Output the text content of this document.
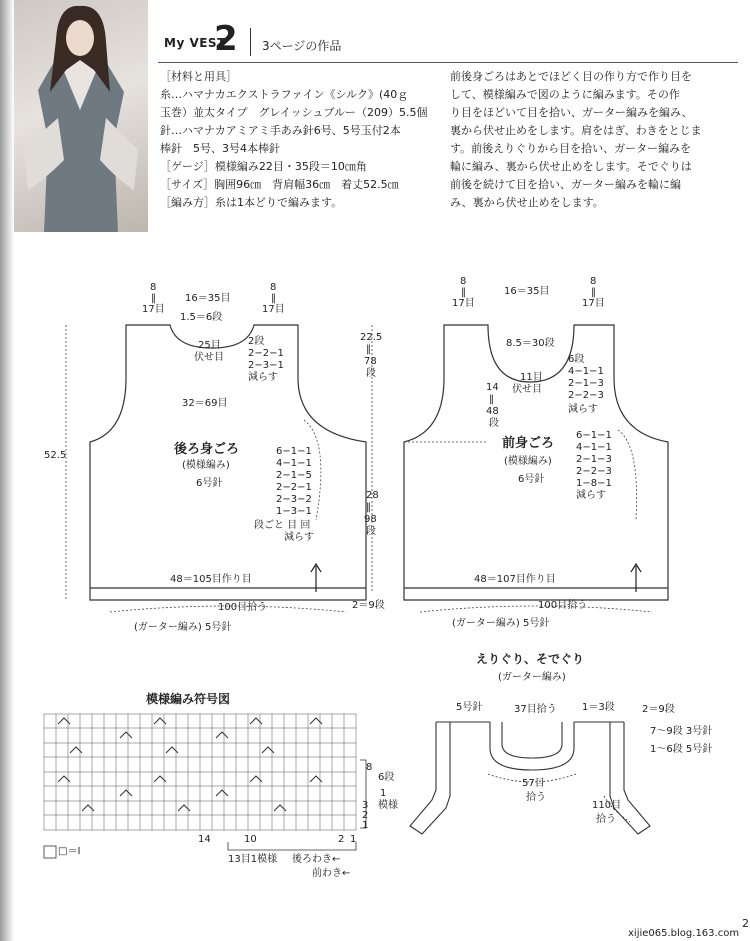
My VEST
2 3ページの作品
［材料と用具］
糸…ハマナカエクストラファイン《シルク》(40ｇ
玉巻）並太タイプ　グレイッシュブルー（209）5.5個
針…ハマナカアミアミ手あみ針6号、5号玉付2本
棒針　5号、3号4本棒針
［ゲージ］模様編み22目・35段＝10㎝角
［サイズ］胸囲96㎝　背肩幅36㎝　着丈52.5㎝
［編み方］糸は1本どりで編みます。
前後身ごろはあとでほどく目の作り方で作り目を
して、模様編みで図のように編みます。その作
り目をほどいて目を拾い、ガーター編みを編み、
裏から伏せ止めをします。肩をはぎ、わきをとじま
す。前後えりぐりから目を拾い、ガーター編みを
輪に編み、裏から伏せ止めをします。そでぐりは
前後を続けて目を拾い、ガーター編みを輪に編
み、裏から伏せ止めをします。
8
‖
17目
16＝35目
8
‖
17目
1.5＝6段
25目
伏せ目
2段
2−2−1
2−3−1
減らす
32＝69目
52.5	後ろ身ごろ
(模様編み)
6号針
6−1−1
4−1−1
2−1−5
2−2−1
2−3−2
1−3−1
段ごと 目 回
減らす
48＝105目作り目
100目拾う
(ガーター編み) 5号針
22.5
‖
78
段
28
‖
98
段
2＝9段
8
‖
17目
16＝35目
8
‖
17目
8.5＝30段
11目
伏せ目
6段
4−1−1
2−1−3
2−2−3
減らす
14
‖
48
段
前身ごろ
(模様編み)
6号針
6−1−1
4−1−1
2−1−3
2−2−3
1−8−1
減らす
48＝107目作り目
100目拾う
(ガーター編み) 5号針
模様編み符号図
8
6段
1
模様
3
2
1
14	10	2 1
13目1模様 後ろわき←
前わき←
□＝Ⅰ
えりぐり、そでぐり
(ガーター編み)
5号針	37目拾う	1＝3段	2＝9段
7〜9段 3号針
1〜6段 5号針
57目
拾う
110目
拾う
xijie065.blog.163.com
2
